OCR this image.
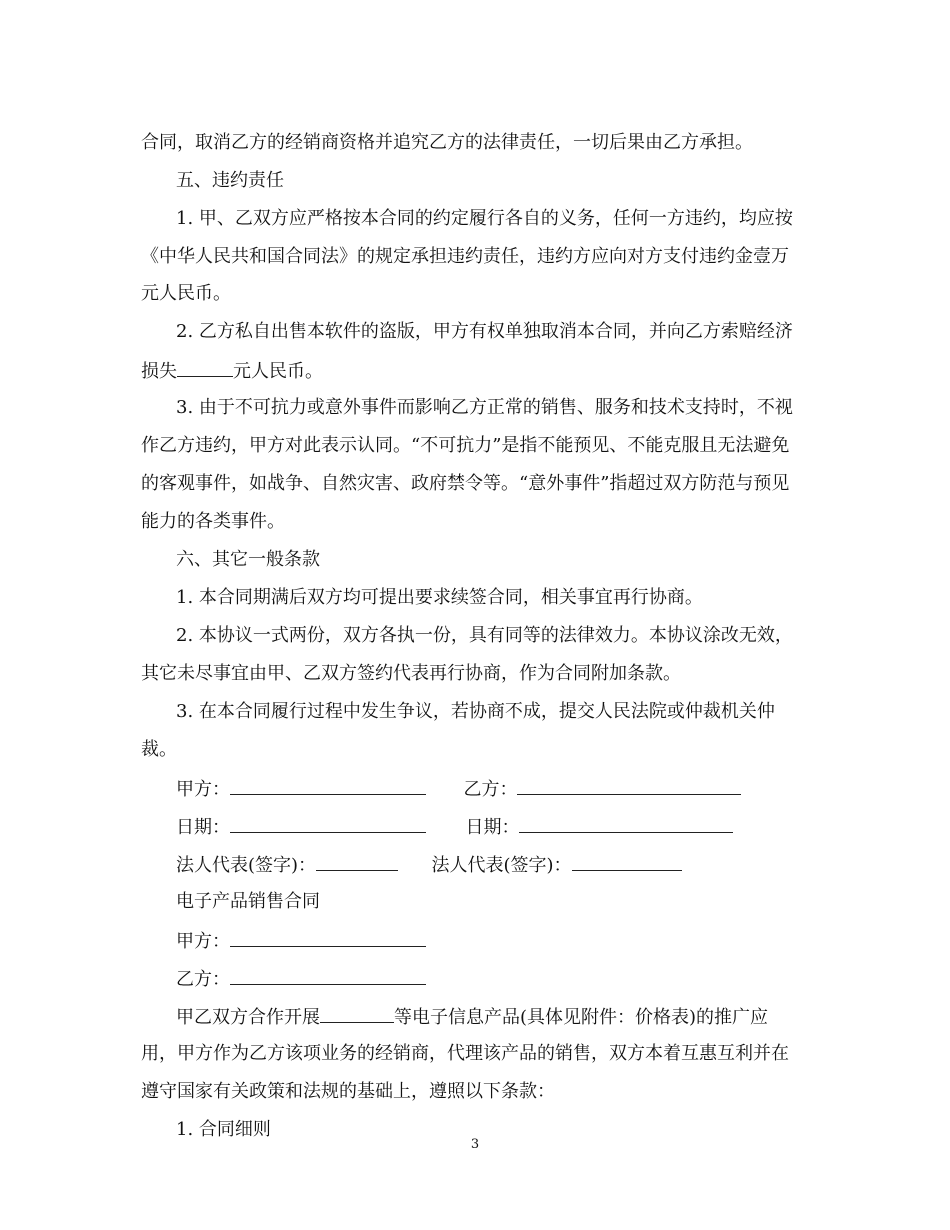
合同，取消乙方的经销商资格并追究乙方的法律责任，一切后果由乙方承担。
五、违约责任
1. 甲、乙双方应严格按本合同的约定履行各自的义务，任何一方违约，均应按
《中华人民共和国合同法》的规定承担违约责任，违约方应向对方支付违约金壹万
元人民币。
2. 乙方私自出售本软件的盗版，甲方有权单独取消本合同，并向乙方索赔经济
损失	元人民币。
3. 由于不可抗力或意外事件而影响乙方正常的销售、服务和技术支持时，不视
作乙方违约，甲方对此表示认同。“不可抗力”是指不能预见、不能克服且无法避免
的客观事件，如战争、自然灾害、政府禁令等。“意外事件”指超过双方防范与预见
能力的各类事件。
六、其它一般条款
1. 本合同期满后双方均可提出要求续签合同，相关事宜再行协商。
2. 本协议一式两份，双方各执一份，具有同等的法律效力。本协议涂改无效，
其它未尽事宜由甲、乙双方签约代表再行协商，作为合同附加条款。
3. 在本合同履行过程中发生争议，若协商不成，提交人民法院或仲裁机关仲
裁。
甲方：	乙方：
日期：	日期：
法人代表(签字)：	法人代表(签字)：
电子产品销售合同
甲方：
乙方：
甲乙双方合作开展	等电子信息产品(具体见附件：价格表)的推广应
用，甲方作为乙方该项业务的经销商，代理该产品的销售，双方本着互惠互利并在
遵守国家有关政策和法规的基础上，遵照以下条款：
1. 合同细则
3
